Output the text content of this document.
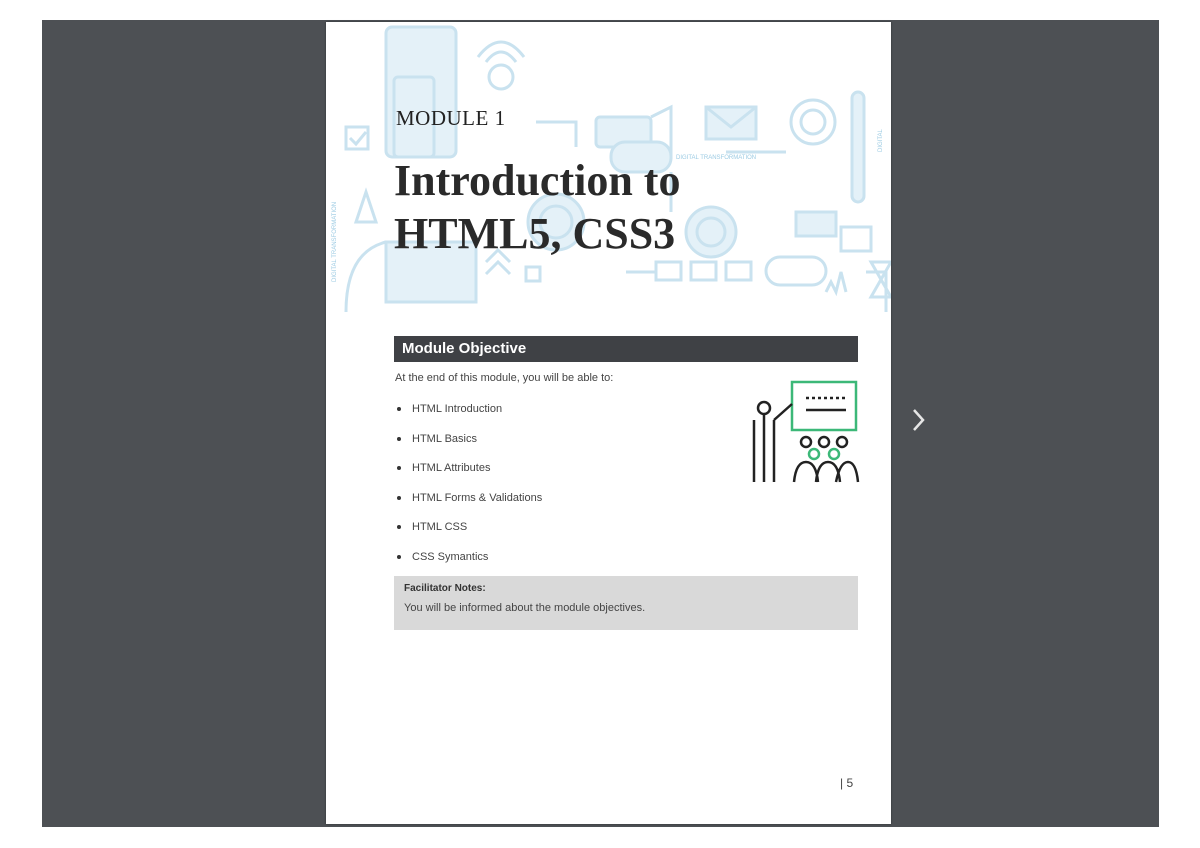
DIGITAL TRANSFORMATION
DIGITAL TRANSFORMATION
DIGITAL
MODULE 1
Introduction to HTML5, CSS3
Module Objective
At the end of this module, you will be able to:
HTML Introduction
HTML Basics
HTML Attributes
HTML Forms & Validations
HTML CSS
CSS Symantics
Facilitator Notes:
You will be informed about the module objectives.
| 5
